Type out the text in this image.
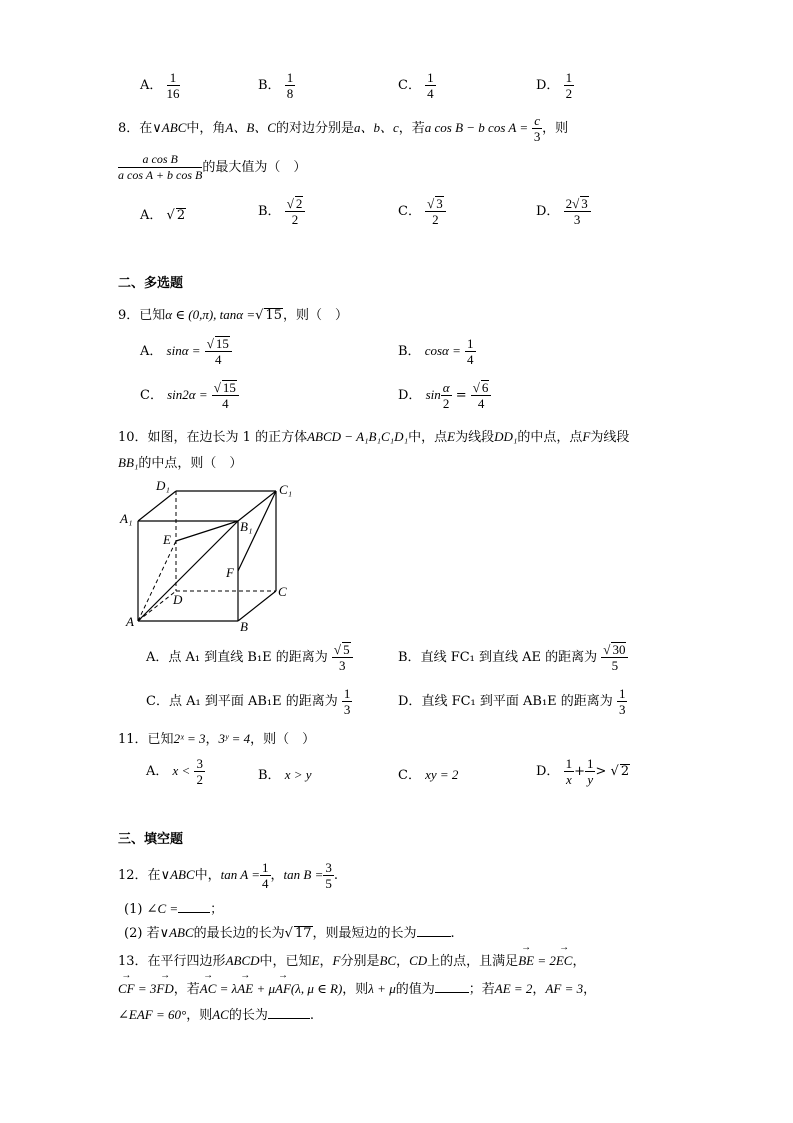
A． $\frac{1}{16}$	B． $\frac{1}{8}$	C． $\frac{1}{4}$	D． $\frac{1}{2}$
8．在∨ABC中，角A、B、C的对边分别是a、b、c，若a cos B − b $\cos A = \frac{c}{3}$ ，则
$\frac{\text{a cos B}}{\text{a cos A + b cos B}}$ 的最大值为（　）
A． √ 2	B． $\frac{√ 2}{2}$	C． $\frac{√ 3}{2}$	D． $\frac{2√ 3}{3}$
二、多选题
9．已知α ∈ (0,π), tanα =√ 15，则（　）
A． $\sin\alpha = \frac{√ 15}{4}$	B． $\cos\alpha = \frac{1}{4}$
C． $\sin 2\alpha = \frac{√ 15}{4}$	D． $\sin \frac{\alpha}{2} = \frac{√ 6}{4}$
10．如图，在边长为 1 的正方体ABCD − A₁B₁C₁D₁中，点E为线段DD₁的中点，点F为线段
BB₁的中点，则（　）
D₁	C₁
A₁
B₁
E
F
D
C
A	B
A．点 A₁ 到直线 B₁E 的距离为 $\frac{√ 5}{3}$	B．直线 FC₁ 到直线 AE 的距离为 $\frac{√ 30}{5}$
C．点 A₁ 到平面 AB₁E 的距离为 $\frac{1}{3}$	D．直线 FC₁ 到平面 AB₁E 的距离为 $\frac{1}{3}$
11．已知2ˣ = 3，3ʸ = 4，则（　）
A． $x < \frac{3}{2}$	B． x > y	C． xy = 2	D． $\frac{1}{x} + \frac{1}{y}$ > √ 2
三、填空题
12．在∨ABC中，$\tan A = \frac{1}{4}$ ，$\tan B = \frac{3}{5}$ .
(1) ∠C = ；
(2) 若∨ABC的最长边的长为√ 17，则最短边的长为	.
13．在平行四边形ABCD中，已知E，F分别是BC，CD上的点，且满足→ BE = 2→ EC，
→ CF = 3→ FD，若→ AC = λ→ AE + μ→ AF(λ, μ ∈ R)，则λ + μ的值为	；若AE = 2，AF = 3，
∠EAF = 60°，则AC的长为	.
